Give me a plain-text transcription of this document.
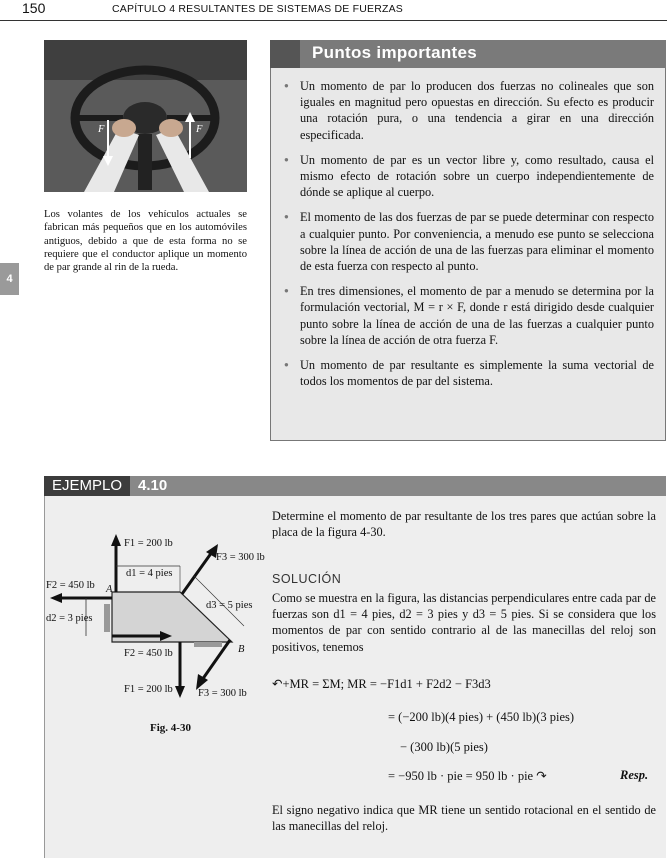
150	CAPÍTULO 4 RESULTANTES DE SISTEMAS DE FUERZAS
F	F
Los volantes de los vehículos actuales se fabrican más pequeños que en los automóviles antiguos, debido a que de esta forma no se requiere que el conductor aplique un momento de par grande al rin de la rueda.
4
Puntos importantes
● Un momento de par lo producen dos fuerzas no colineales que son iguales en magnitud pero opuestas en dirección. Su efecto es producir una rotación pura, o una tendencia a girar en una dirección especificada.
● Un momento de par es un vector libre y, como resultado, causa el mismo efecto de rotación sobre un cuerpo independientemente de dónde se aplique al cuerpo.
● El momento de las dos fuerzas de par se puede determinar con respecto a cualquier punto. Por conveniencia, a menudo ese punto se selecciona sobre la línea de acción de una de las fuerzas para eliminar el momento de esta fuerza con respecto al punto.
● En tres dimensiones, el momento de par a menudo se determina por la formulación vectorial, M = r × F, donde r está dirigido desde cualquier punto sobre la línea de acción de una de las fuerzas a cualquier punto sobre la línea de acción de otra fuerza F.
● Un momento de par resultante es simplemente la suma vectorial de todos los momentos de par del sistema.
EJEMPLO	4.10
F1 = 200 lb
F1 = 200 lb
F2 = 450 lb
F2 = 450 lb
F3 = 300 lb
F3 = 300 lb
d1 = 4 pies
d2 = 3 pies
d3 = 5 pies
A
B
Fig. 4-30
Determine el momento de par resultante de los tres pares que actúan sobre la placa de la figura 4-30.
SOLUCIÓN
Como se muestra en la figura, las distancias perpendiculares entre cada par de fuerzas son d1 = 4 pies, d2 = 3 pies y d3 = 5 pies. Si se considera que los momentos de par con sentido contrario al de las manecillas del reloj son positivos, tenemos
↶+MR = ΣM; MR = −F1d1 + F2d2 − F3d3
= (−200 lb)(4 pies) + (450 lb)(3 pies)
− (300 lb)(5 pies)
= −950 lb · pie = 950 lb · pie ↷	Resp.
El signo negativo indica que MR tiene un sentido rotacional en el sentido de las manecillas del reloj.
